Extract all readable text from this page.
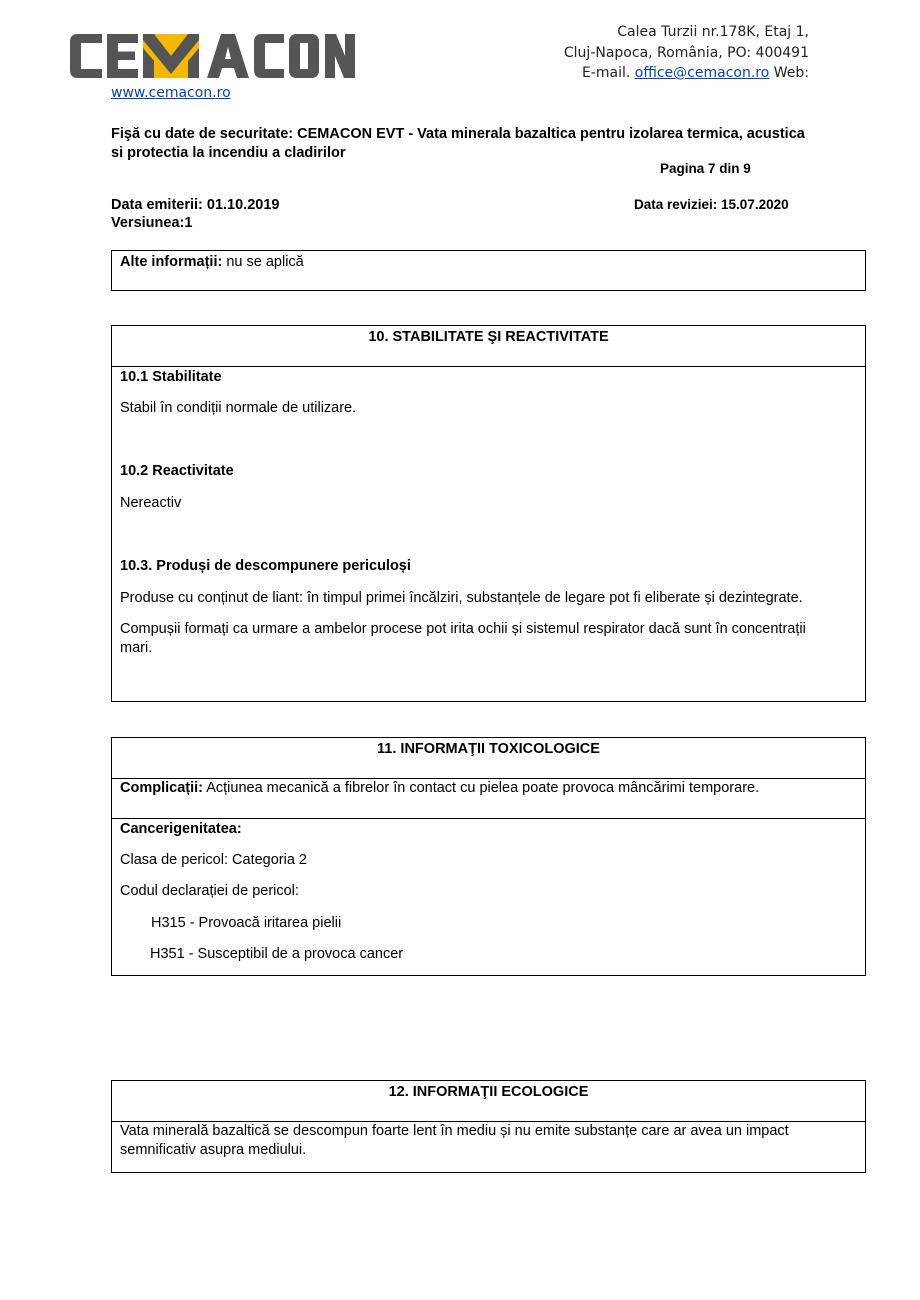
Calea Turzii nr.178K, Etaj 1,
Cluj-Napoca, România, PO: 400491
E-mail. office@cemacon.ro Web:
www.cemacon.ro
Fişă cu date de securitate: CEMACON EVT - Vata minerala bazaltica pentru izolarea termica, acustica si protectia la incendiu a cladirilor
Pagina 7 din 9
Data emiterii: 01.10.2019
Versiunea:1
Data reviziei: 15.07.2020
Alte informații: nu se aplică
10. STABILITATE ŞI REACTIVITATE
10.1 Stabilitate
Stabil în condiții normale de utilizare.
10.2 Reactivitate
Nereactiv
10.3. Produși de descompunere periculoși
Produse cu conținut de liant: în timpul primei încălziri, substanțele de legare pot fi eliberate și dezintegrate.
Compușii formați ca urmare a ambelor procese pot irita ochii și sistemul respirator dacă sunt în concentrații
mari.
11. INFORMAŢII TOXICOLOGICE
Complicații: Acțiunea mecanică a fibrelor în contact cu pielea poate provoca mâncărimi temporare.
Cancerigenitatea:
Clasa de pericol: Categoria 2
Codul declarației de pericol:
H315 - Provoacă iritarea pielii
H351 - Susceptibil de a provoca cancer
12. INFORMAŢII ECOLOGICE
Vata minerală bazaltică se descompun foarte lent în mediu și nu emite substanțe care ar avea un impact
semnificativ asupra mediului.
